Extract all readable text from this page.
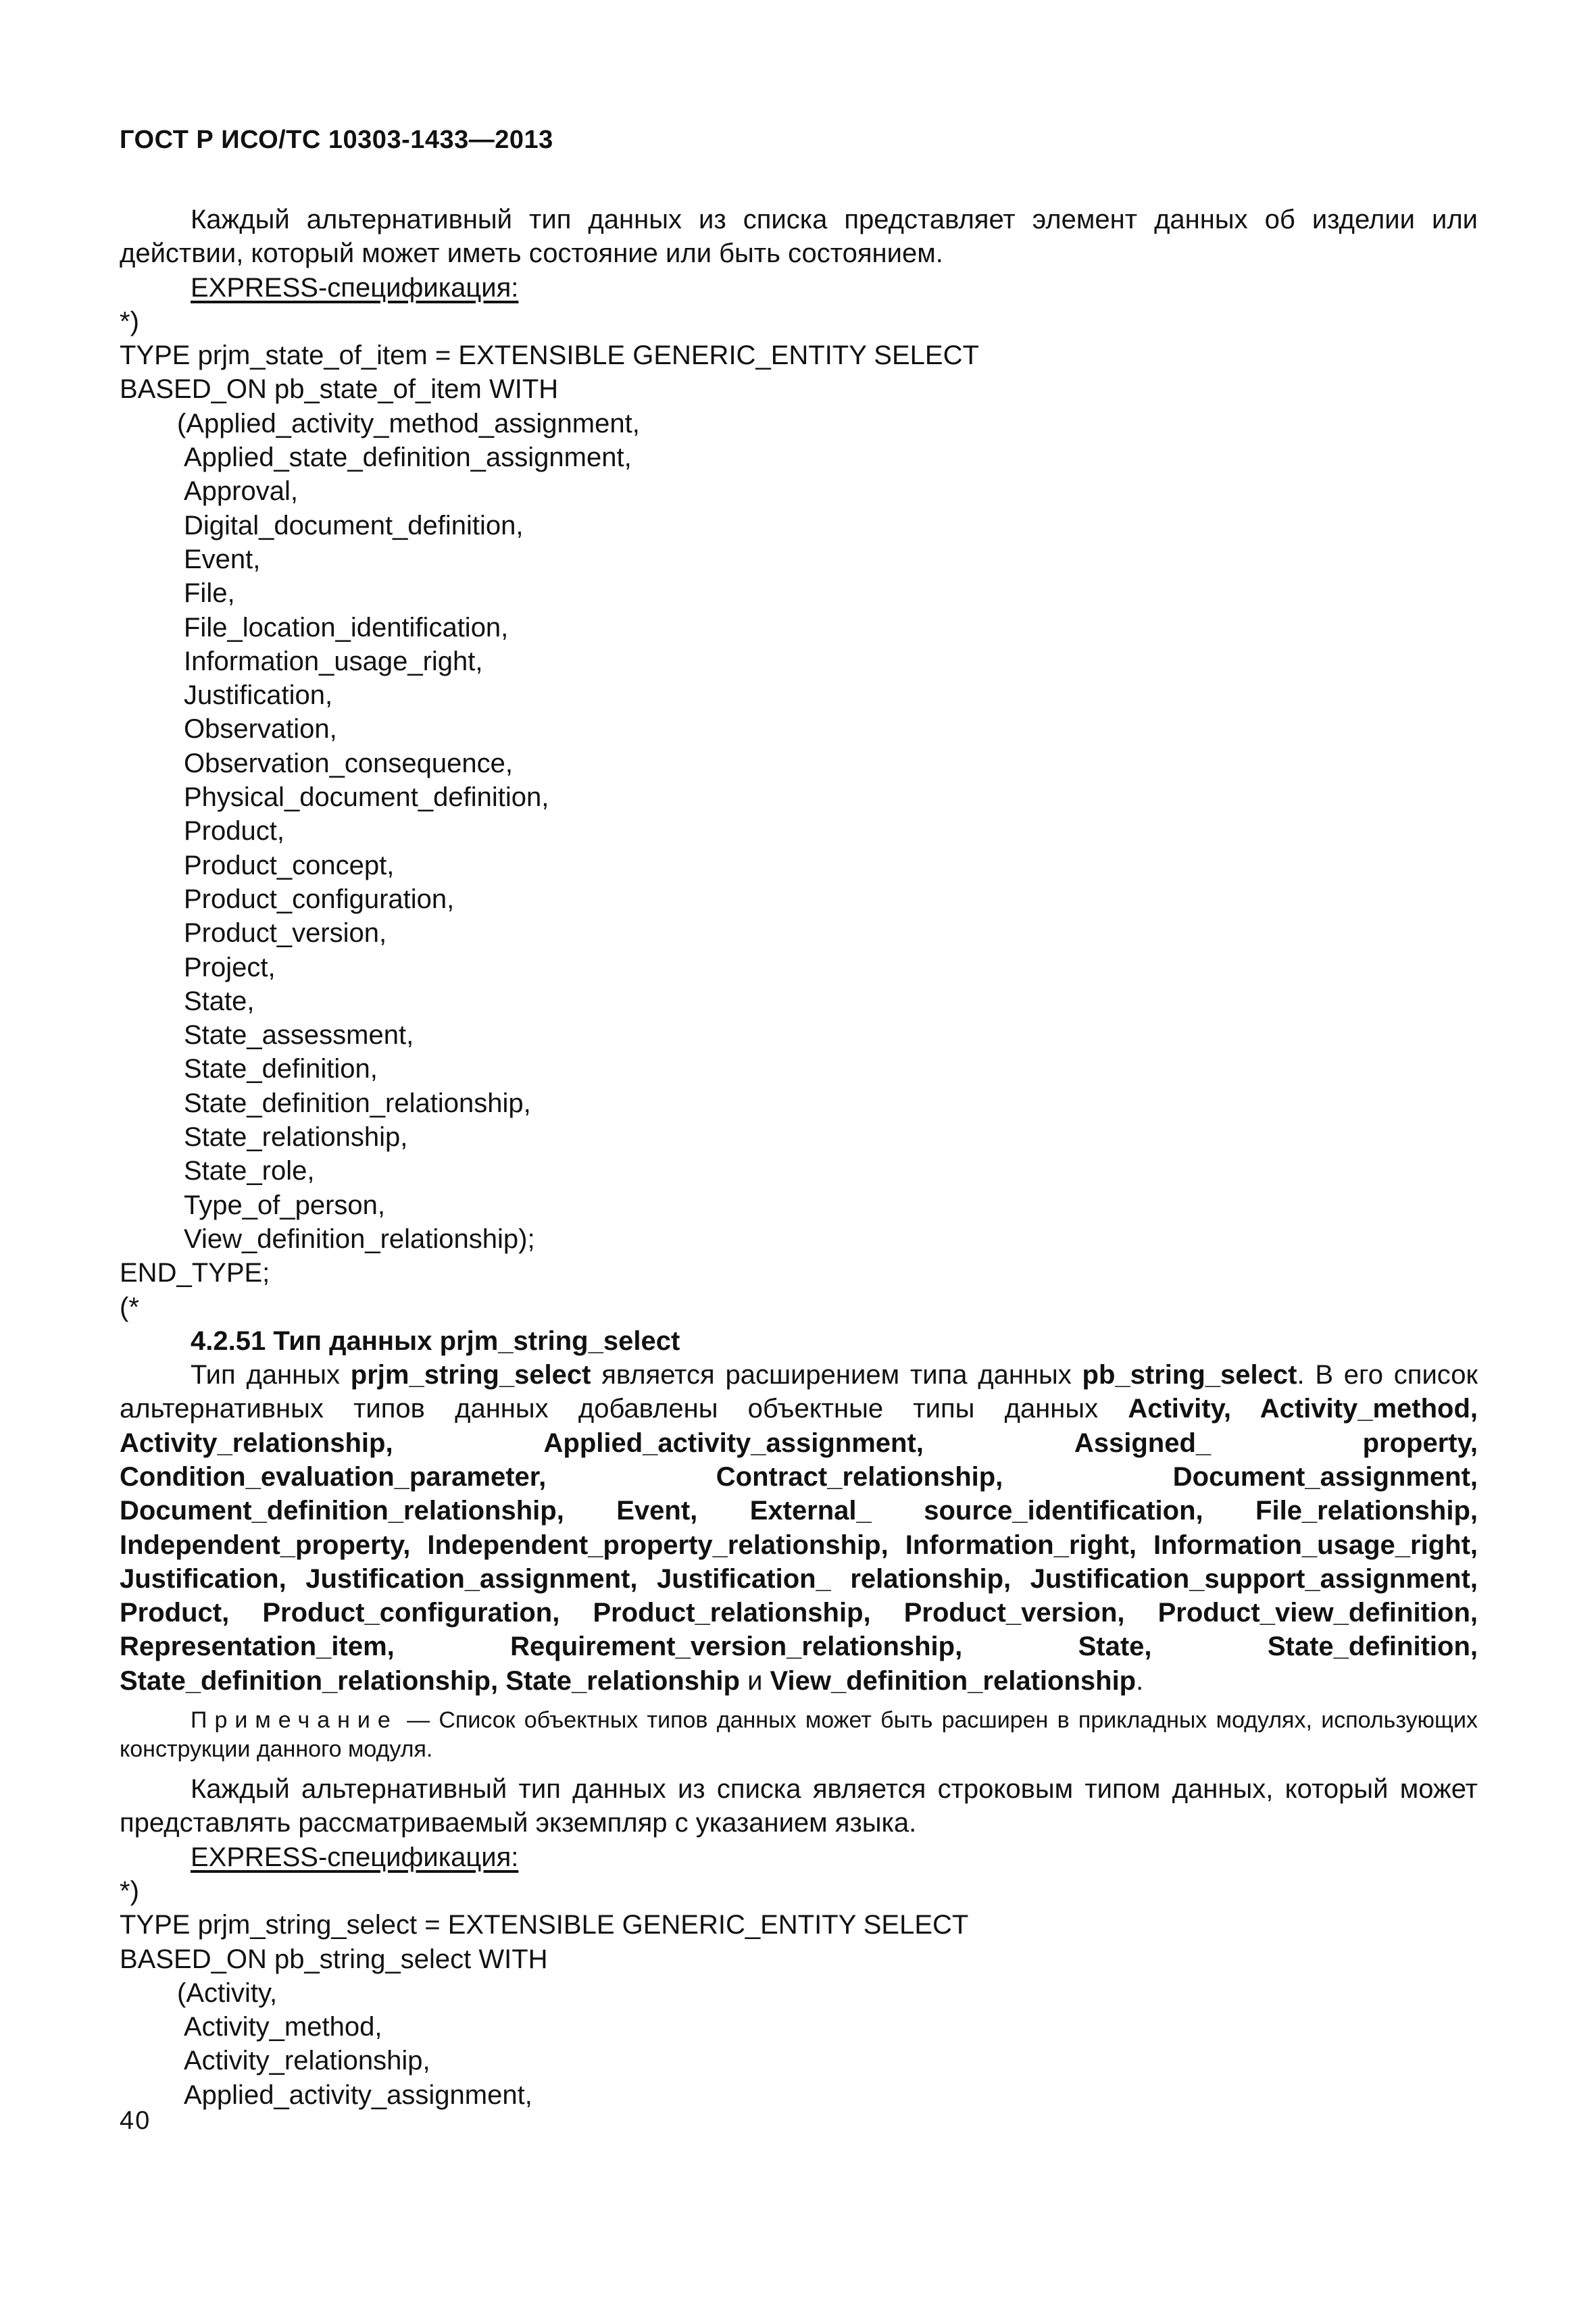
ГОСТ Р ИСО/ТС 10303-1433—2013

Каждый альтернативный тип данных из списка представляет элемент данных об изделии или действии, который может иметь состояние или быть состоянием.

EXPRESS-спецификация:

*)
TYPE prjm_state_of_item = EXTENSIBLE GENERIC_ENTITY SELECT
BASED_ON pb_state_of_item WITH
(Applied_activity_method_assignment,
Applied_state_definition_assignment,
Approval,
Digital_document_definition,
Event,
File,
File_location_identification,
Information_usage_right,
Justification,
Observation,
Observation_consequence,
Physical_document_definition,
Product,
Product_concept,
Product_configuration,
Product_version,
Project,
State,
State_assessment,
State_definition,
State_definition_relationship,
State_relationship,
State_role,
Type_of_person,
View_definition_relationship);
END_TYPE;
(*
4.2.51 Тип данных prjm_string_select

Тип данных prjm_string_select является расширением типа данных pb_string_select. В его список альтернативных типов данных добавлены объектные типы данных Activity, Activity_method, Activity_relationship, Applied_activity_assignment, Assigned_ property, Condition_evaluation_parameter, Contract_relationship, Document_assignment, Document_definition_relationship, Event, External_ source_identification, File_relationship, Independent_property, Independent_property_relationship, Information_right, Information_usage_right, Justification, Justification_assignment, Justification_ relationship, Justification_support_assignment, Product, Product_configuration, Product_relationship, Product_version, Product_view_definition, Representation_item, Requirement_version_relationship, State, State_definition, State_definition_relationship, State_relationship и View_definition_relationship.

Примечание — Список объектных типов данных может быть расширен в прикладных модулях, использующих конструкции данного модуля.

Каждый альтернативный тип данных из списка является строковым типом данных, который может представлять рассматриваемый экземпляр с указанием языка.

EXPRESS-спецификация:

*)
TYPE prjm_string_select = EXTENSIBLE GENERIC_ENTITY SELECT
BASED_ON pb_string_select WITH
(Activity,
Activity_method,
Activity_relationship,
Applied_activity_assignment,
40
